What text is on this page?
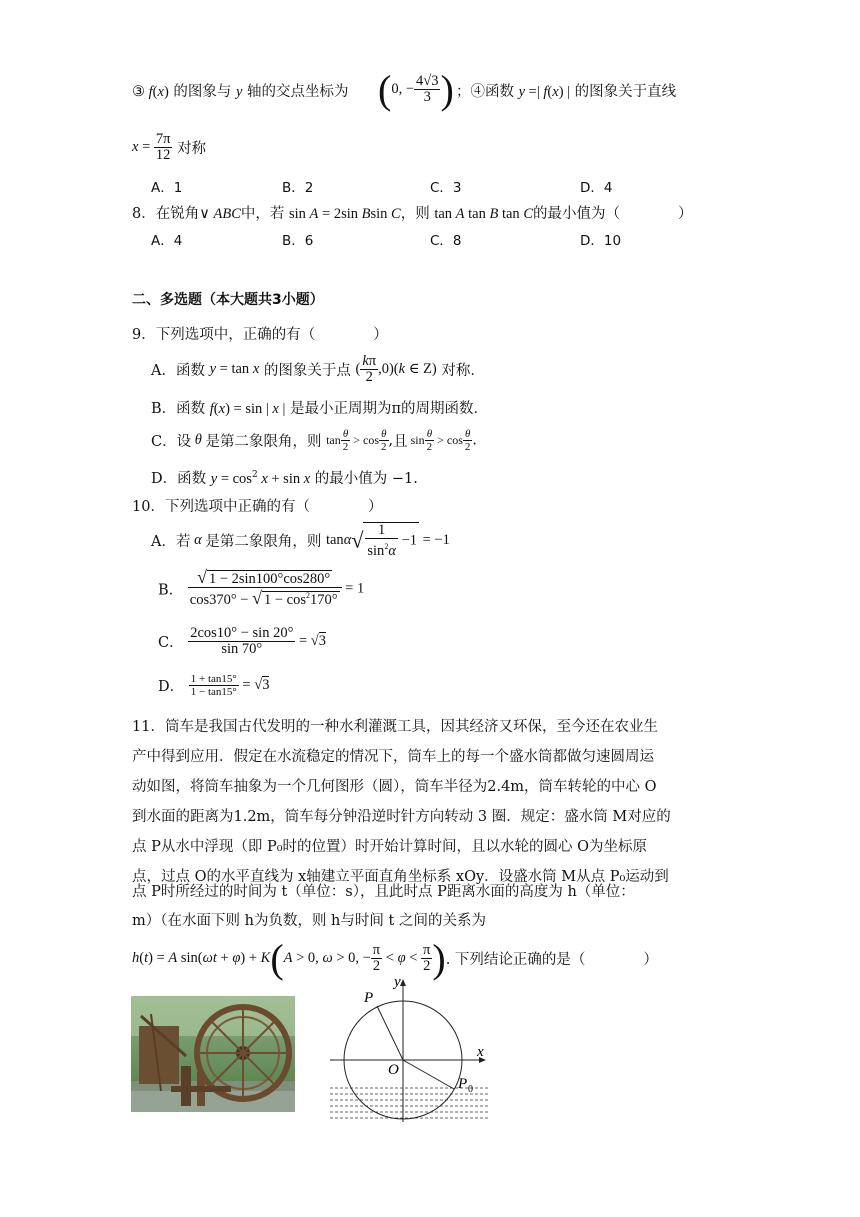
③ f(x) 的图象与 y 轴的交点坐标为 (0, − $\frac{4√3}{3}$ ) ；④函数 y =| f(x) | 的图象关于直线
$x = \frac{7\pi}{12}$ 对称
A．1	B．2	C．3	D．4
8．在锐角∨ ABC中，若 sin A = 2sin Bsin C，则 tan A tan B tan C的最小值为（　　　　）
A．4	B．6	C．8	D．10
二、多选题（本大题共3小题）
9．下列选项中，正确的有（　　　　）
A．函数 y = tan x 的图象关于点 ( $\frac{k\pi}{2} ,0)(k$ ∈ Z) 对称．
B．函数 f(x) = sin | x | 是最小正周期为π的周期函数．
C．设 θ 是第二象限角，则 $\tan \frac{\theta}{2} > \cos \frac{\theta}{2}$ ,且 $\sin \frac{\theta}{2} > \cos \frac{\theta}{2}$ .
D．函数 $y = \cos^2 x + \sin x$ 的最小值为 −1.
10．下列选项中正确的有（　　　　）
A．若 α 是第二象限角，则 $\tan\alpha√ \frac{1}{\sin^2\alpha} -1 = -1$
B． $\frac{√ 1 - 2\sin 100^\circ\cos 280^\circ}{\cos 370^\circ - √ 1 - \cos^2170^\circ} = 1$
C． $\frac{2\cos 10^\circ - \sin 20^\circ}{\sin 70^\circ} = √3$
D． $\frac{1 + \tan 15^\circ}{1 - \tan 15^\circ} = √3$
11．筒车是我国古代发明的一种水利灌溉工具，因其经济又环保，至今还在农业生
产中得到应用．假定在水流稳定的情况下，筒车上的每一个盛水筒都做匀速圆周运
动如图，将筒车抽象为一个几何图形（圆），筒车半径为2.4m，筒车转轮的中心 O
到水面的距离为1.2m，筒车每分钟沿逆时针方向转动 3 圈．规定：盛水筒 M对应的
点 P从水中浮现（即 P₀时的位置）时开始计算时间，且以水轮的圆心 O为坐标原
点，过点 O的水平直线为 x轴建立平面直角坐标系 xOy．设盛水筒 M从点 P₀运动到
点 P时所经过的时间为 t（单位：s），且此时点 P距离水面的高度为 h（单位：
m）（在水面下则 h为负数，则 h与时间 t 之间的关系为
h(t) = A sin(ωt + φ) + K(A > 0, ω > 0, − $\frac{\pi}{2} < \varphi < \frac{\pi}{2}$ ). 下列结论正确的是（　　　　）
P
y
O
x
P 0
